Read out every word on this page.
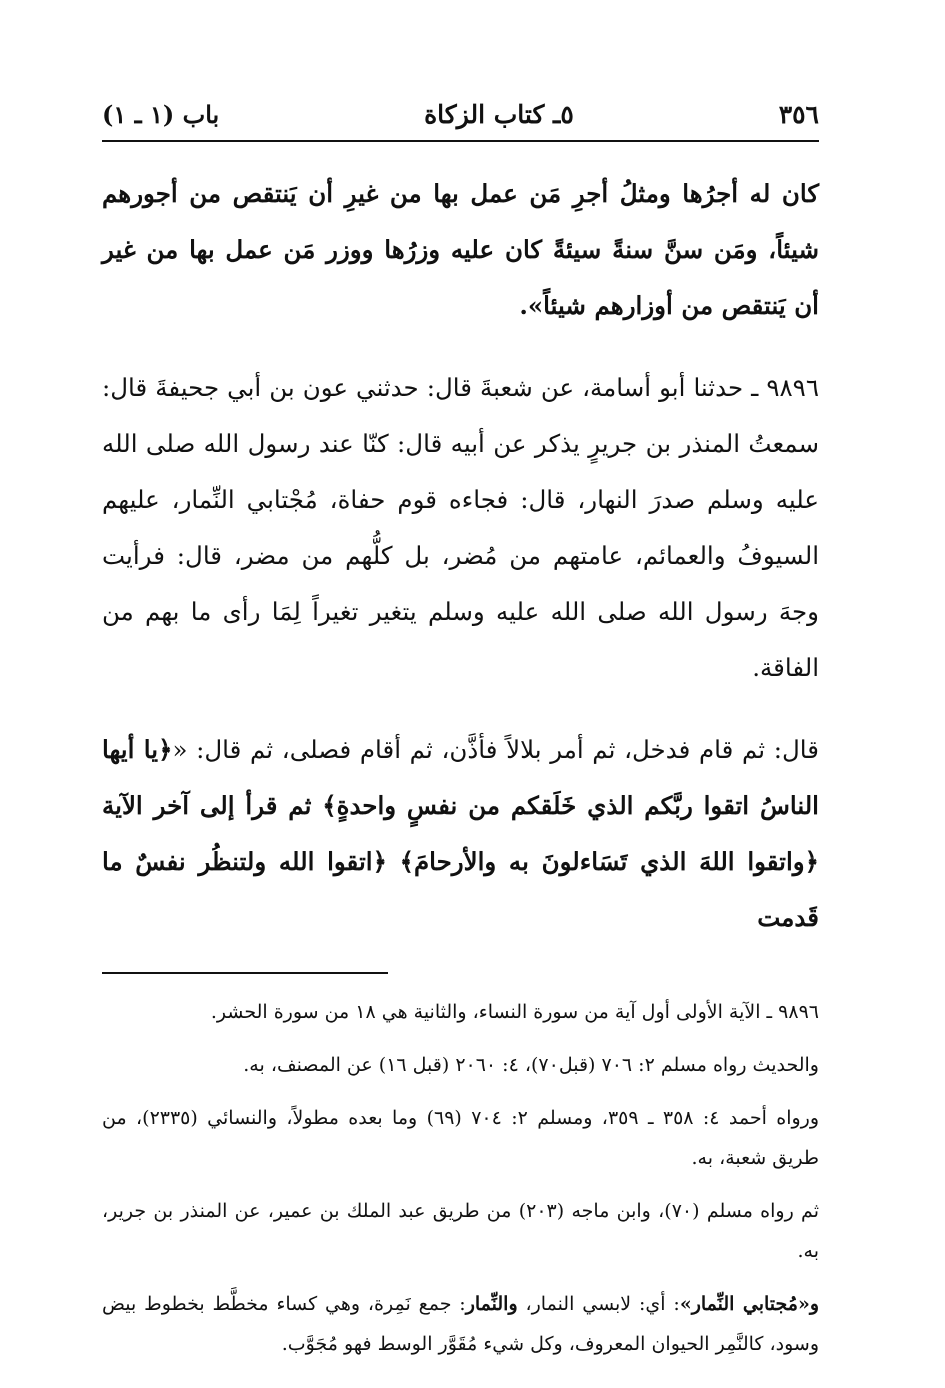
٣٥٦
٥ـ كتاب الزكاة
باب (١ ـ ١)

كان له أجرُها ومثلُ أجرِ مَن عمل بها من غيرِ أن يَنتقص من أجورهم شيئاً، ومَن سنَّ سنةً سيئةً كان عليه وزرُها ووزر مَن عمل بها من غير أن يَنتقص من أوزارهم شيئاً».

٩٨٩٦ ـ حدثنا أبو أسامة، عن شعبةَ قال: حدثني عون بن أبي جحيفةَ قال: سمعتُ المنذر بن جريرٍ يذكر عن أبيه قال: كنّا عند رسول الله صلى الله عليه وسلم صدرَ النهار، قال: فجاءه قوم حفاة، مُجْتابي النِّمار، عليهم السيوفُ والعمائم، عامتهم من مُضر، بل كلُّهم من مضر، قال: فرأيت وجهَ رسول الله صلى الله عليه وسلم يتغير تغيراً لِمَا رأى ما بهم من الفاقة.

قال: ثم قام فدخل، ثم أمر بلالاً فأذَّن، ثم أقام فصلى، ثم قال: «﴿يا أيها الناسُ اتقوا ربَّكم الذي خَلَقكم من نفسٍ واحدةٍ﴾ ثم قرأ إلى آخر الآية ﴿واتقوا اللهَ الذي تَسَاءلونَ به والأرحامَ﴾ ﴿اتقوا الله ولتنظُر نفسٌ ما قَدمت

٩٨٩٦ ـ الآية الأولى أول آية من سورة النساء، والثانية هي ١٨ من سورة الحشر.

والحديث رواه مسلم ٢: ٧٠٦ (قبل٧٠)، ٤: ٢٠٦٠ (قبل ١٦) عن المصنف، به.

ورواه أحمد ٤: ٣٥٨ ـ ٣٥٩، ومسلم ٢: ٧٠٤ (٦٩) وما بعده مطولاً، والنسائي (٢٣٣٥)، من طريق شعبة، به.

ثم رواه مسلم (٧٠)، وابن ماجه (٢٠٣) من طريق عبد الملك بن عمير، عن المنذر بن جرير، به.

و«مُجتابي النِّمار»: أي: لابسي النمار، والنِّمار: جمع نَمِرة، وهي كساء مخطَّط بخطوط بيض وسود، كالنَّمِر الحيوان المعروف، وكل شيء مُقَوَّر الوسط فهو مُجَوَّب.
